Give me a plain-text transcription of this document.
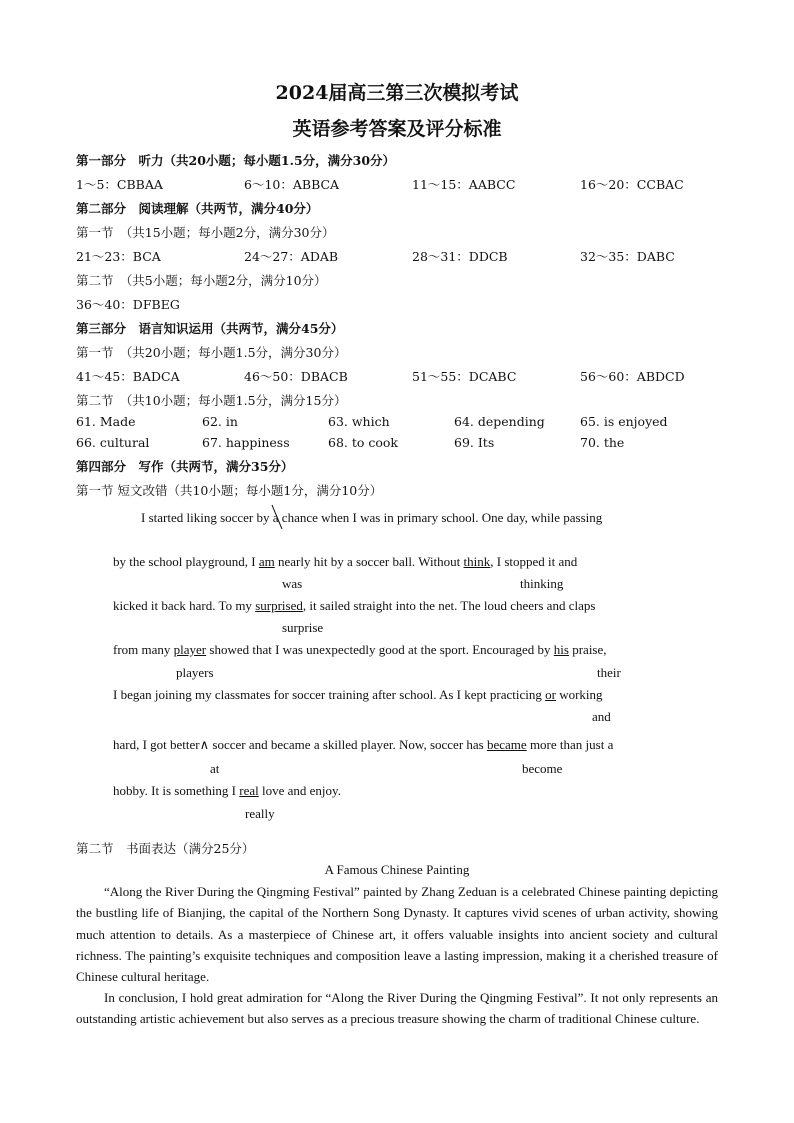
2024届高三第三次模拟考试
英语参考答案及评分标准
第一部分　听力（共20小题；每小题1.5分，满分30分）
1～5：CBBAA	6～10：ABBCA	11～15：AABCC	16～20：CCBAC
第二部分　阅读理解（共两节，满分40分）
第一节　（共15小题；每小题2分，满分30分）
21～23：BCA	24～27：ADAB	28～31：DDCB	32～35：DABC
第二节　（共5小题；每小题2分，满分10分）
36～40：DFBEG
第三部分　语言知识运用（共两节，满分45分）
第一节　（共20小题；每小题1.5分，满分30分）
41～45：BADCA	46～50：DBACB	51～55：DCABC	56～60：ABDCD
第二节　（共10小题；每小题1.5分，满分15分）
61. Made	62. in	63. which	64. depending	65. is enjoyed
66. cultural	67. happiness	68. to cook	69. Its	70. the
第四部分　写作（共两节，满分35分）
第一节 短文改错（共10小题；每小题1分，满分10分）
I started liking soccer by a
chance when I was in primary school. One day, while passing
by the school playground, I am nearly hit by a soccer ball. Without think, I stopped it and
was	thinking
kicked it back hard. To my surprised, it sailed straight into the net. The loud cheers and claps
surprise
from many player showed that I was unexpectedly good at the sport. Encouraged by his praise,
players	their
I began joining my classmates for soccer training after school. As I kept practicing or working
and
hard, I got better∧ soccer and became a skilled player. Now, soccer has became more than just a
at	become
hobby. It is something I real love and enjoy.
really
第二节　书面表达（满分25分）
A Famous Chinese Painting
“Along the River During the Qingming Festival” painted by Zhang Zeduan is a celebrated Chinese painting depicting the bustling life of Bianjing, the capital of the Northern Song Dynasty. It captures vivid scenes of urban activity, showing much attention to details. As a masterpiece of Chinese art, it offers valuable insights into ancient society and cultural richness. The painting’s exquisite techniques and composition leave a lasting impression, making it a cherished treasure of Chinese cultural heritage.
In conclusion, I hold great admiration for “Along the River During the Qingming Festival”. It not only represents an outstanding artistic achievement but also serves as a precious treasure showing the charm of traditional Chinese culture.
